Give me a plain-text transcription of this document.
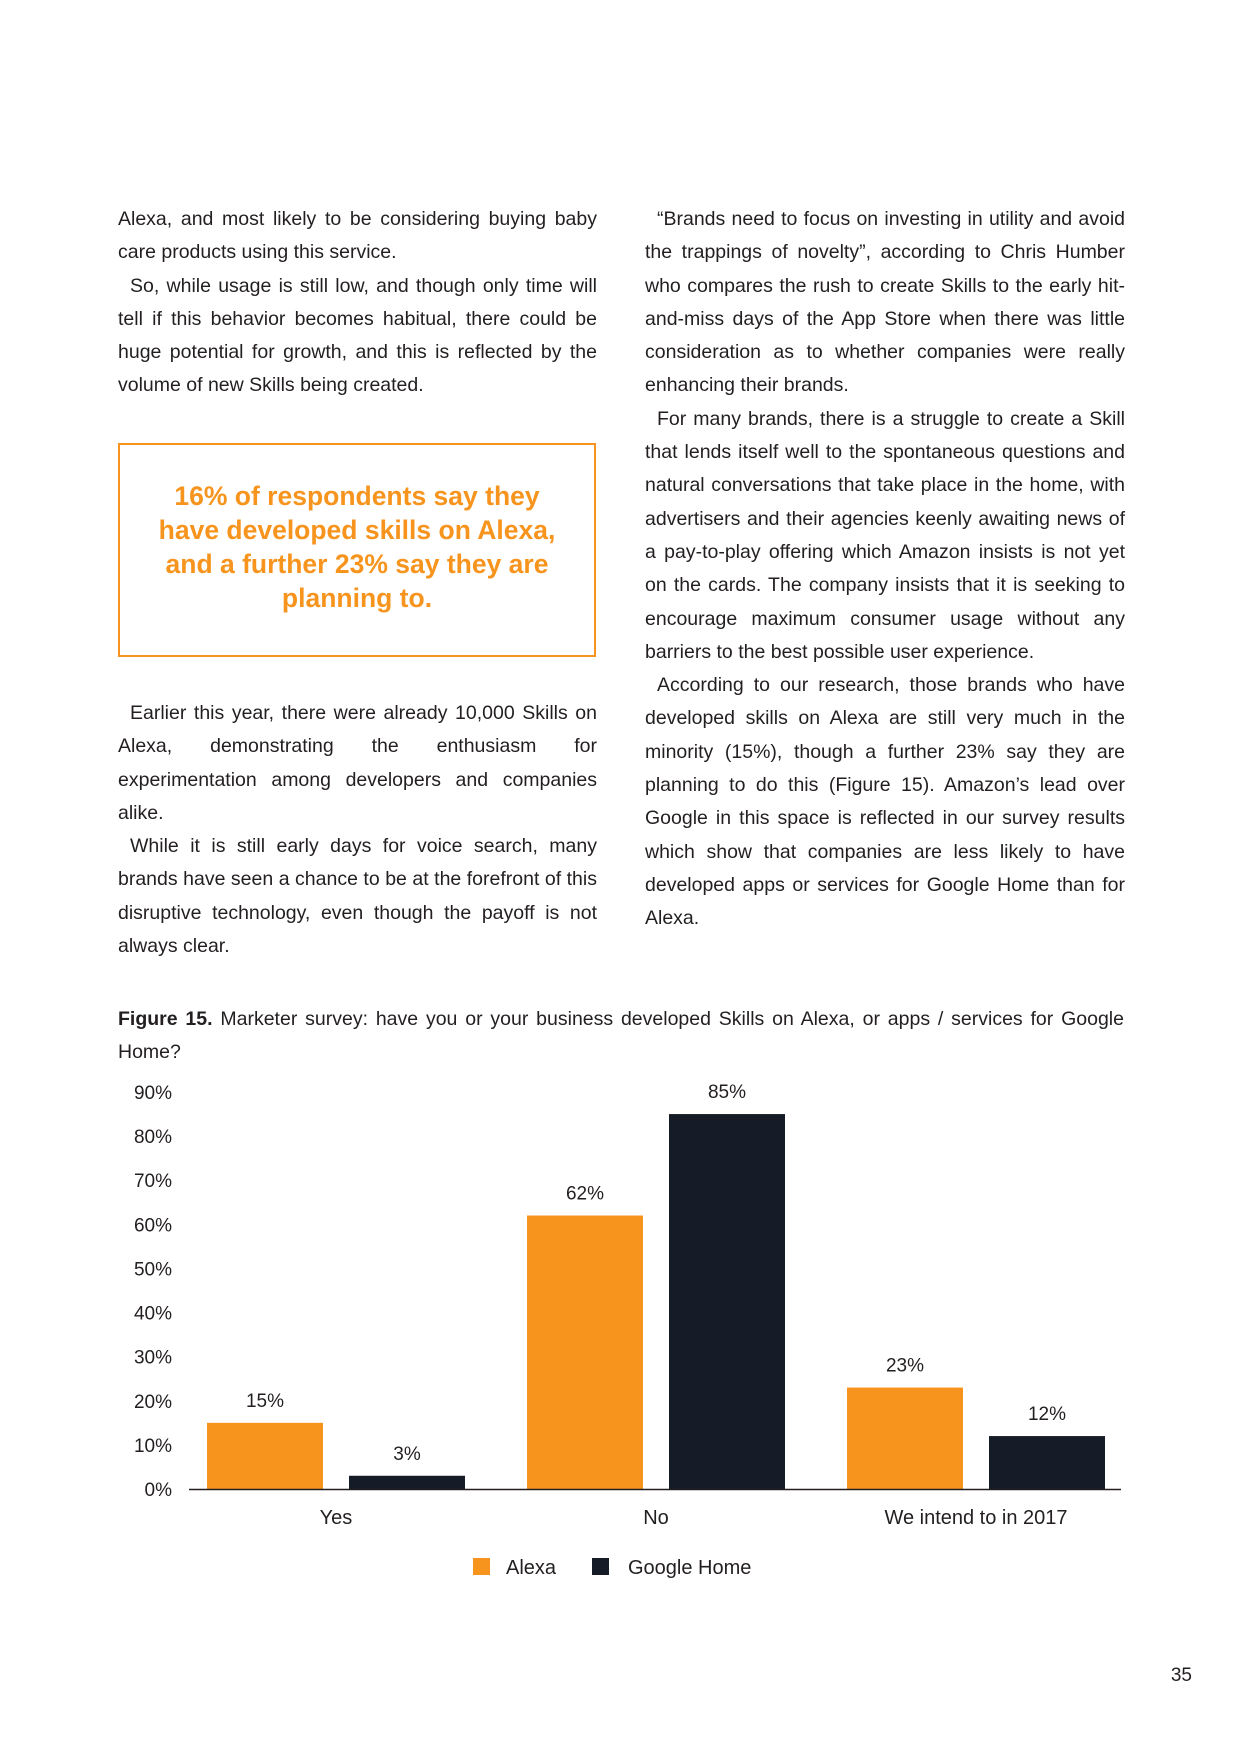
Alexa, and most likely to be considering buying baby care products using this service.

So, while usage is still low, and though only time will tell if this behavior becomes habitual, there could be huge potential for growth, and this is reflected by the volume of new Skills being created.

16% of respondents say they have developed skills on Alexa, and a further 23% say they are planning to.

Earlier this year, there were already 10,000 Skills on Alexa, demonstrating the enthusiasm for experimentation among developers and companies alike.

While it is still early days for voice search, many brands have seen a chance to be at the forefront of this disruptive technology, even though the payoff is not always clear.

“Brands need to focus on investing in utility and avoid the trappings of novelty”, according to Chris Humber who compares the rush to create Skills to the early hit-and-miss days of the App Store when there was little consideration as to whether companies were really enhancing their brands.

For many brands, there is a struggle to create a Skill that lends itself well to the spontaneous questions and natural conversations that take place in the home, with advertisers and their agencies keenly awaiting news of a pay-to-play offering which Amazon insists is not yet on the cards. The company insists that it is seeking to encourage maximum consumer usage without any barriers to the best possible user experience.

According to our research, those brands who have developed skills on Alexa are still very much in the minority (15%), though a further 23% say they are planning to do this (Figure 15). Amazon’s lead over Google in this space is reflected in our survey results which show that companies are less likely to have developed apps or services for Google Home than for Alexa.

Figure 15. Marketer survey: have you or your business developed Skills on Alexa, or apps / services for Google Home?
0%
10%
20%
30%
40%
50%
60%
70%
80%
90%
15%
3%
Yes
62%
85%
No
23%
12%
We intend to in 2017
Alexa	Google Home
35
